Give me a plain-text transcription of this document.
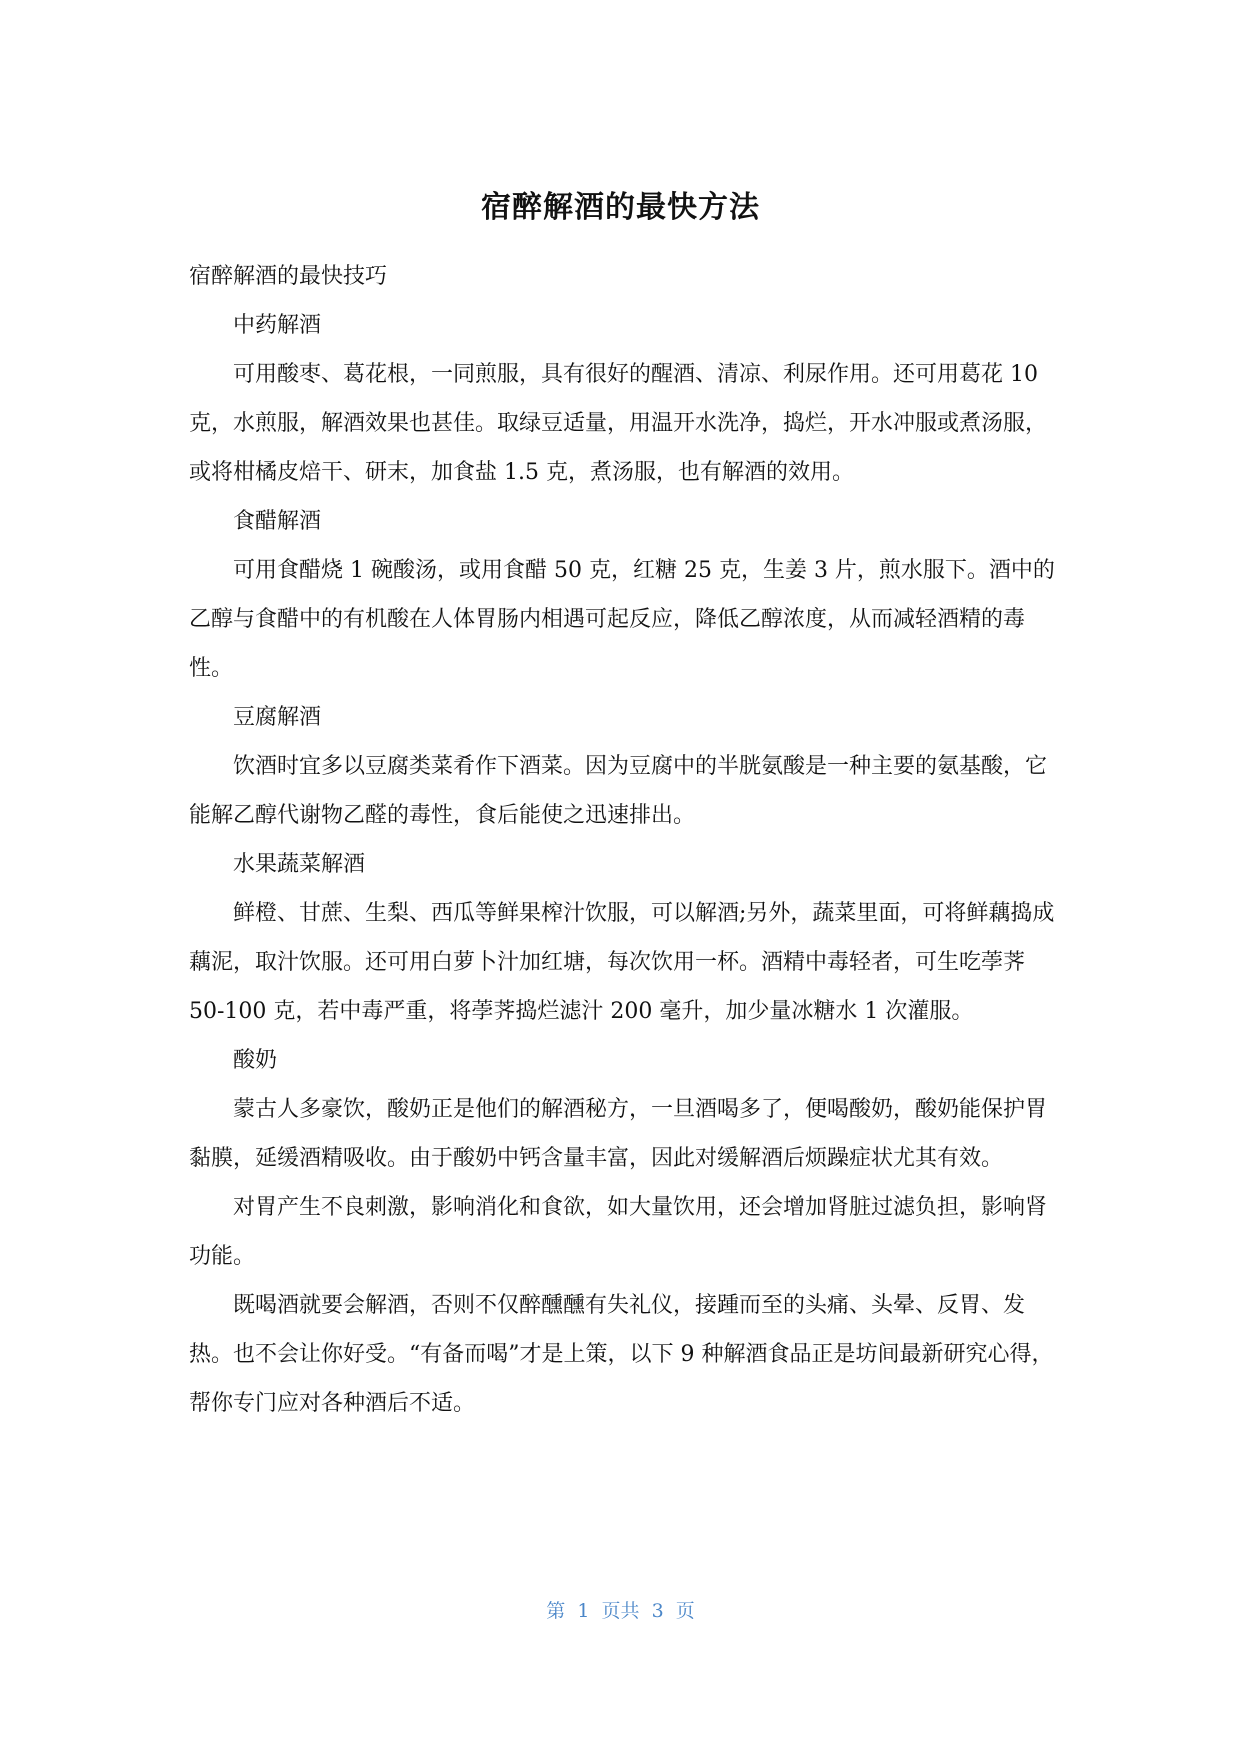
宿醉解酒的最快方法

宿醉解酒的最快技巧

中药解酒

可用酸枣、葛花根，一同煎服，具有很好的醒酒、清凉、利尿作用。还可用葛花 10 克，水煎服，解酒效果也甚佳。取绿豆适量，用温开水洗净，捣烂，开水冲服或煮汤服，或将柑橘皮焙干、研末，加食盐 1.5 克，煮汤服，也有解酒的效用。

食醋解酒

可用食醋烧 1 碗酸汤，或用食醋 50 克，红糖 25 克，生姜 3 片，煎水服下。酒中的乙醇与食醋中的有机酸在人体胃肠内相遇可起反应，降低乙醇浓度，从而减轻酒精的毒性。

豆腐解酒

饮酒时宜多以豆腐类菜肴作下酒菜。因为豆腐中的半胱氨酸是一种主要的氨基酸，它能解乙醇代谢物乙醛的毒性，食后能使之迅速排出。

水果蔬菜解酒

鲜橙、甘蔗、生梨、西瓜等鲜果榨汁饮服，可以解酒;另外，蔬菜里面，可将鲜藕捣成藕泥，取汁饮服。还可用白萝卜汁加红塘，每次饮用一杯。酒精中毒轻者，可生吃荸荠 50-100 克，若中毒严重，将荸荠捣烂滤汁 200 毫升，加少量冰糖水 1 次灌服。

酸奶

蒙古人多豪饮，酸奶正是他们的解酒秘方，一旦酒喝多了，便喝酸奶，酸奶能保护胃黏膜，延缓酒精吸收。由于酸奶中钙含量丰富，因此对缓解酒后烦躁症状尤其有效。

对胃产生不良刺激，影响消化和食欲，如大量饮用，还会增加肾脏过滤负担，影响肾功能。

既喝酒就要会解酒，否则不仅醉醺醺有失礼仪，接踵而至的头痛、头晕、反胃、发热。也不会让你好受。“有备而喝”才是上策，以下 9 种解酒食品正是坊间最新研究心得，帮你专门应对各种酒后不适。

第  1  页共  3  页
